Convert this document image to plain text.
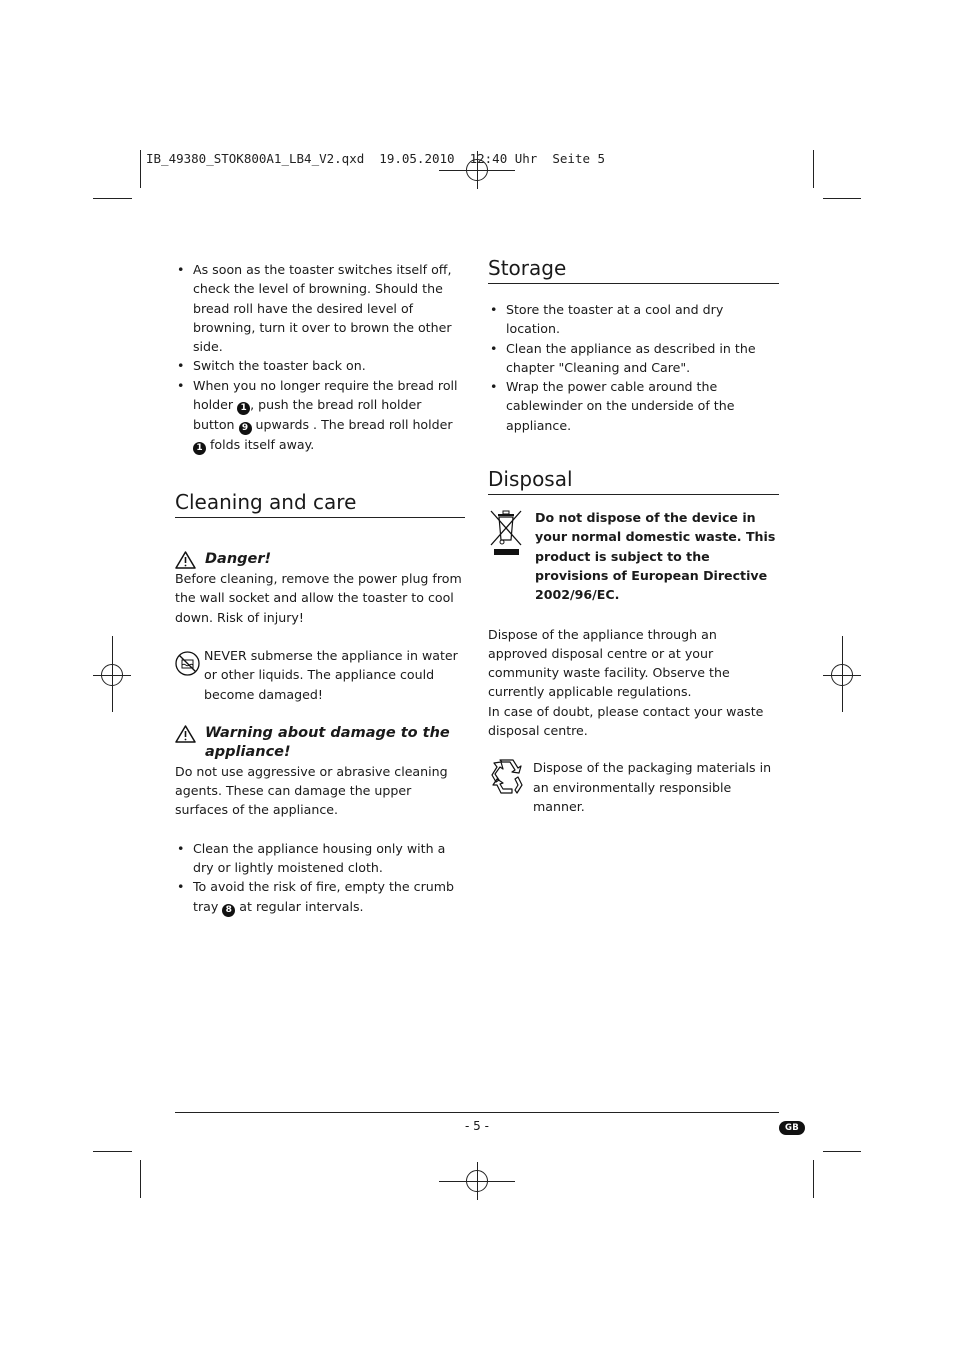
IB_49380_STOK800A1_LB4_V2.qxd  19.05.2010  12:40 Uhr  Seite 5
• As soon as the toaster switches itself off, check the level of browning. Should the bread roll have the desired level of browning, turn it over to brown the other side.
• Switch the toaster back on.
• When you no longer require the bread roll holder 1 , push the bread roll holder button 9 upwards . The bread roll holder 1 folds itself away.
Cleaning and care
Danger!

Before cleaning, remove the power plug from the wall socket and allow the toaster to cool down. Risk of injury!

NEVER submerse the appliance in water or other liquids. The appliance could become damaged!

Warning about damage to the appliance!

Do not use aggressive or abrasive cleaning agents. These can damage the upper surfaces of the appliance.

• Clean the appliance housing only with a dry or lightly moistened cloth.
• To avoid the risk of fire, empty the crumb tray 8 at regular intervals.
Storage
• Store the toaster at a cool and dry location.
• Clean the appliance as described in the chapter "Cleaning and Care".
• Wrap the power cable around the cablewinder on the underside of the appliance.
Disposal

Do not dispose of the device in your normal domestic waste. This product is subject to the provisions of European Directive 2002/96/EC.

Dispose of the appliance through an approved disposal centre or at your community waste facility. Observe the currently applicable regulations.

In case of doubt, please contact your waste disposal centre.

Dispose of the packaging materials in an environmentally responsible manner.

- 5 -	GB
